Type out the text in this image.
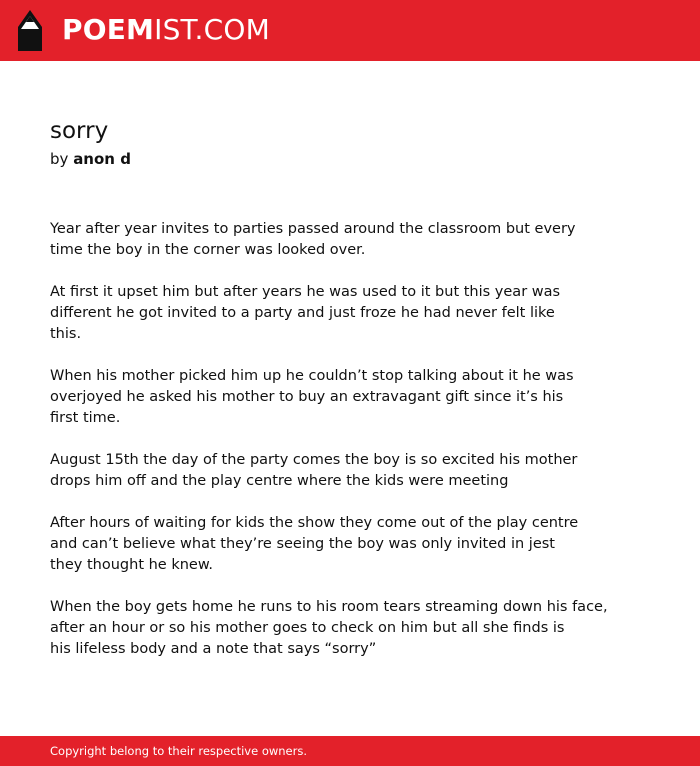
POEMIST.COM
sorry
by anon d

Year after year invites to parties passed around the classroom but every
time the boy in the corner was looked over.

At first it upset him but after years he was used to it but this year was
different he got invited to a party and just froze he had never felt like
this.

When his mother picked him up he couldn’t stop talking about it he was
overjoyed he asked his mother to buy an extravagant gift since it’s his
first time.

August 15th the day of the party comes the boy is so excited his mother
drops him off and the play centre where the kids were meeting

After hours of waiting for kids the show they come out of the play centre
and can’t believe what they’re seeing the boy was only invited in jest
they thought he knew.

When the boy gets home he runs to his room tears streaming down his face,
after an hour or so his mother goes to check on him but all she finds is
his lifeless body and a note that says “sorry”

Copyright belong to their respective owners.
